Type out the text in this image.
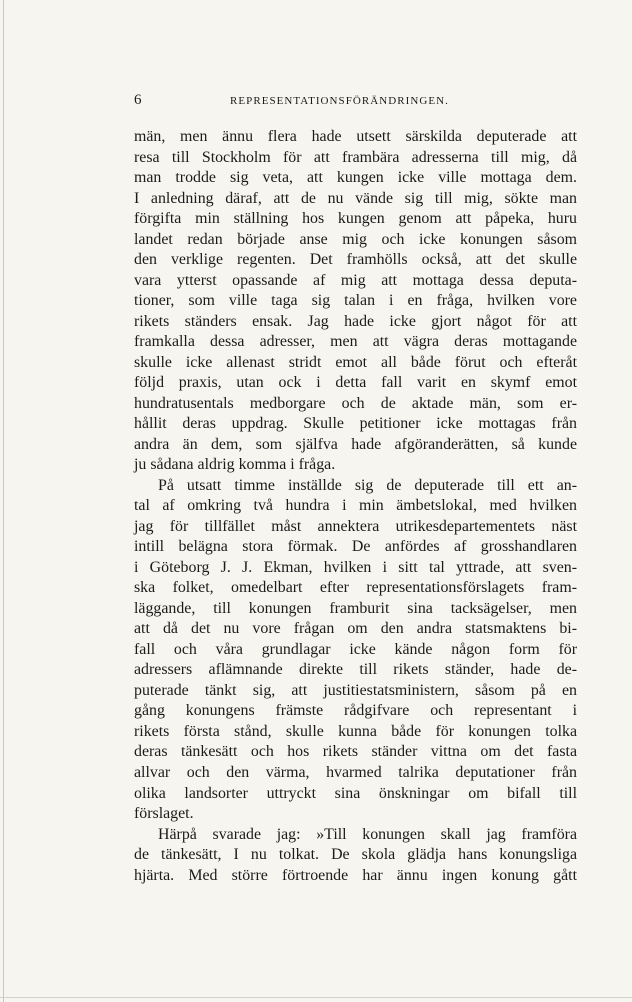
6	REPRESENTATIONSFÖRÄNDRINGEN.
män, men ännu flera hade utsett särskilda deputerade att
resa till Stockholm för att frambära adresserna till mig, då
man trodde sig veta, att kungen icke ville mottaga dem.
I anledning däraf, att de nu vände sig till mig, sökte man
förgifta min ställning hos kungen genom att påpeka, huru
landet redan började anse mig och icke konungen såsom
den verklige regenten. Det framhölls också, att det skulle
vara ytterst opassande af mig att mottaga dessa deputa-
tioner, som ville taga sig talan i en fråga, hvilken vore
rikets ständers ensak. Jag hade icke gjort något för att
framkalla dessa adresser, men att vägra deras mottagande
skulle icke allenast stridt emot all både förut och efteråt
följd praxis, utan ock i detta fall varit en skymf emot
hundratusentals medborgare och de aktade män, som er-
hållit deras uppdrag. Skulle petitioner icke mottagas från
andra än dem, som själfva hade afgöranderätten, så kunde
ju sådana aldrig komma i fråga.
På utsatt timme inställde sig de deputerade till ett an-
tal af omkring två hundra i min ämbetslokal, med hvilken
jag för tillfället måst annektera utrikesdepartementets näst
intill belägna stora förmak. De anfördes af grosshandlaren
i Göteborg J. J. Ekman, hvilken i sitt tal yttrade, att sven-
ska folket, omedelbart efter representationsförslagets fram-
läggande, till konungen framburit sina tacksägelser, men
att då det nu vore frågan om den andra statsmaktens bi-
fall och våra grundlagar icke kände någon form för
adressers aflämnande direkte till rikets ständer, hade de-
puterade tänkt sig, att justitiestatsministern, såsom på en
gång konungens främste rådgifvare och representant i
rikets första stånd, skulle kunna både för konungen tolka
deras tänkesätt och hos rikets ständer vittna om det fasta
allvar och den värma, hvarmed talrika deputationer från
olika landsorter uttryckt sina önskningar om bifall till
förslaget.
Härpå svarade jag: »Till konungen skall jag framföra
de tänkesätt, I nu tolkat. De skola glädja hans konungsliga
hjärta. Med större förtroende har ännu ingen konung gått
